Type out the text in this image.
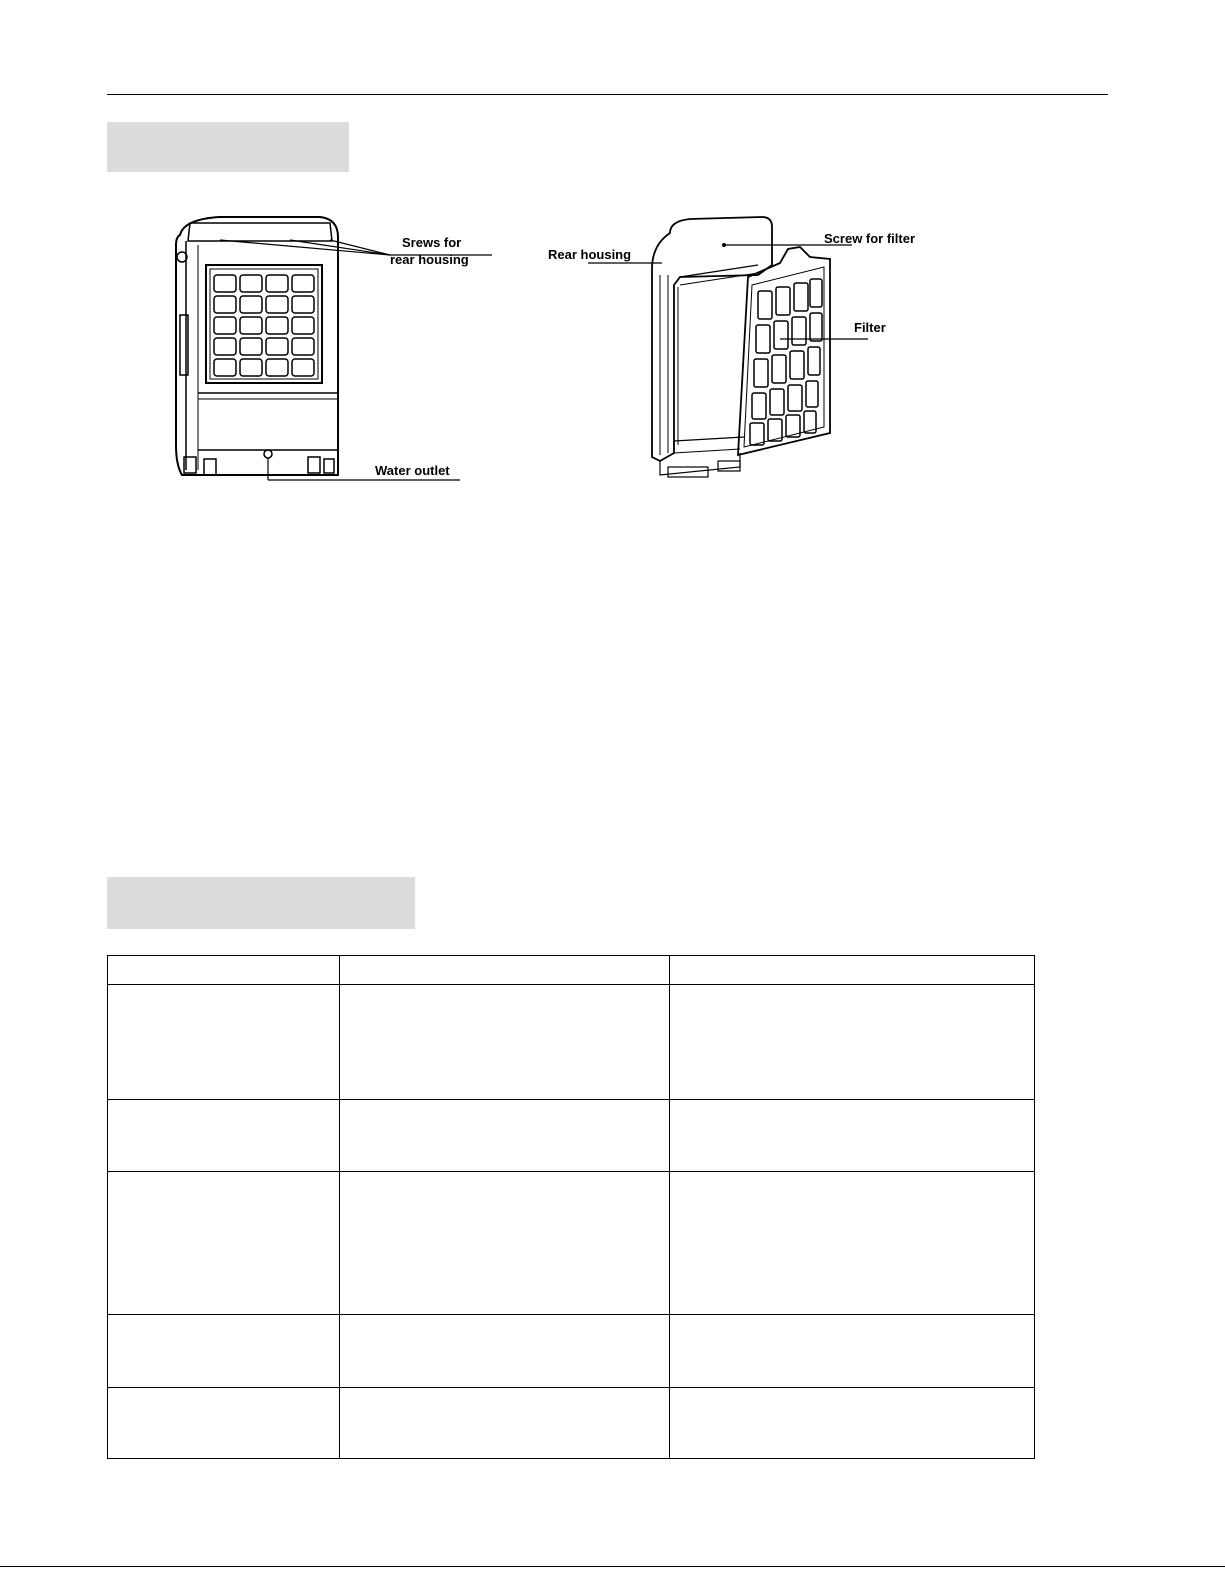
Srews for
rear housing
Water outlet
Rear housing
Screw for filter
Filter
